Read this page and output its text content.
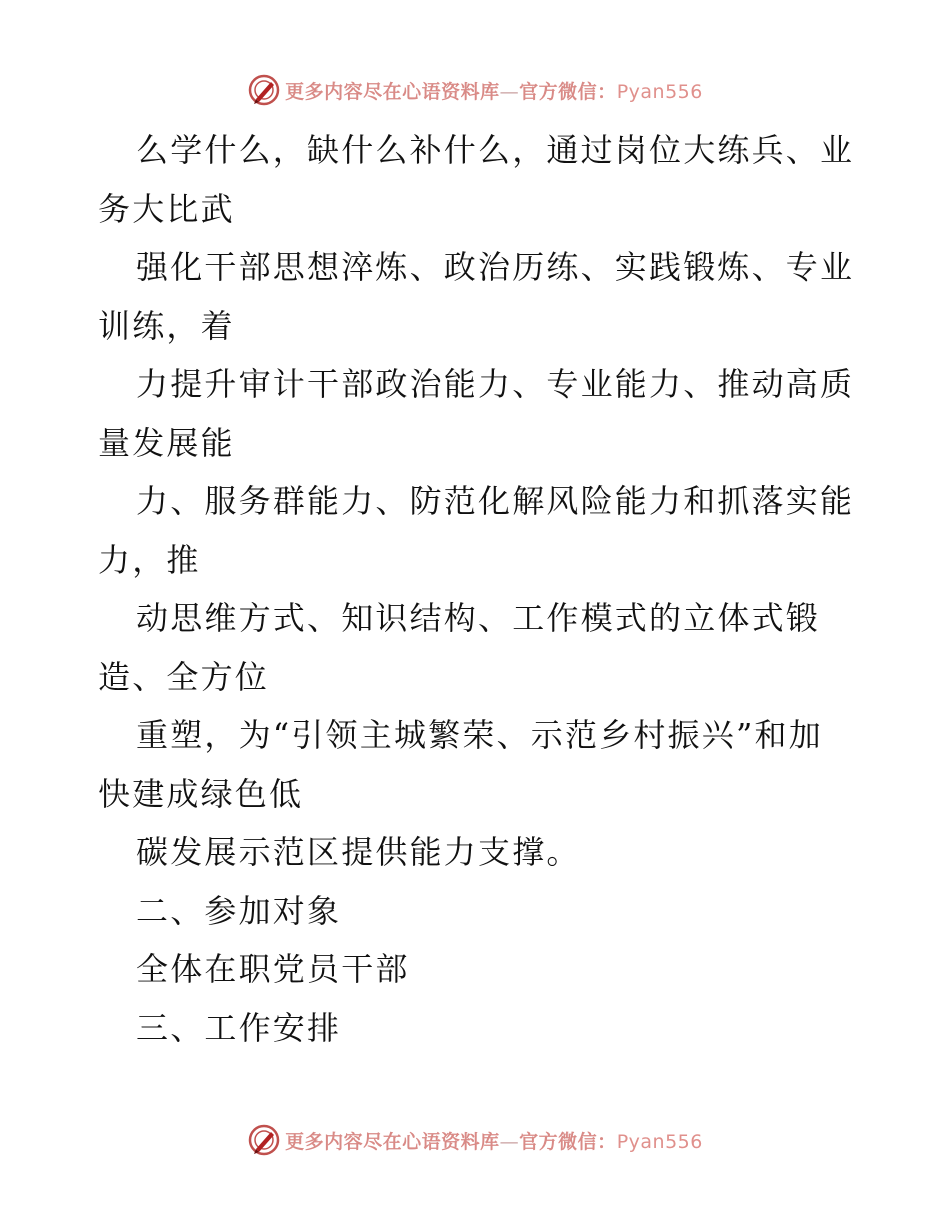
更多内容尽在心语资料库—官方微信：Pyan556
么学什么，缺什么补什么，通过岗位大练兵、业
务大比武
强化干部思想淬炼、政治历练、实践锻炼、专业
训练，着
力提升审计干部政治能力、专业能力、推动高质
量发展能
力、服务群能力、防范化解风险能力和抓落实能
力，推
动思维方式、知识结构、工作模式的立体式锻
造、全方位
重塑，为“引领主城繁荣、示范乡村振兴”和加
快建成绿色低
碳发展示范区提供能力支撑。
二、参加对象
全体在职党员干部
三、工作安排
更多内容尽在心语资料库—官方微信：Pyan556
